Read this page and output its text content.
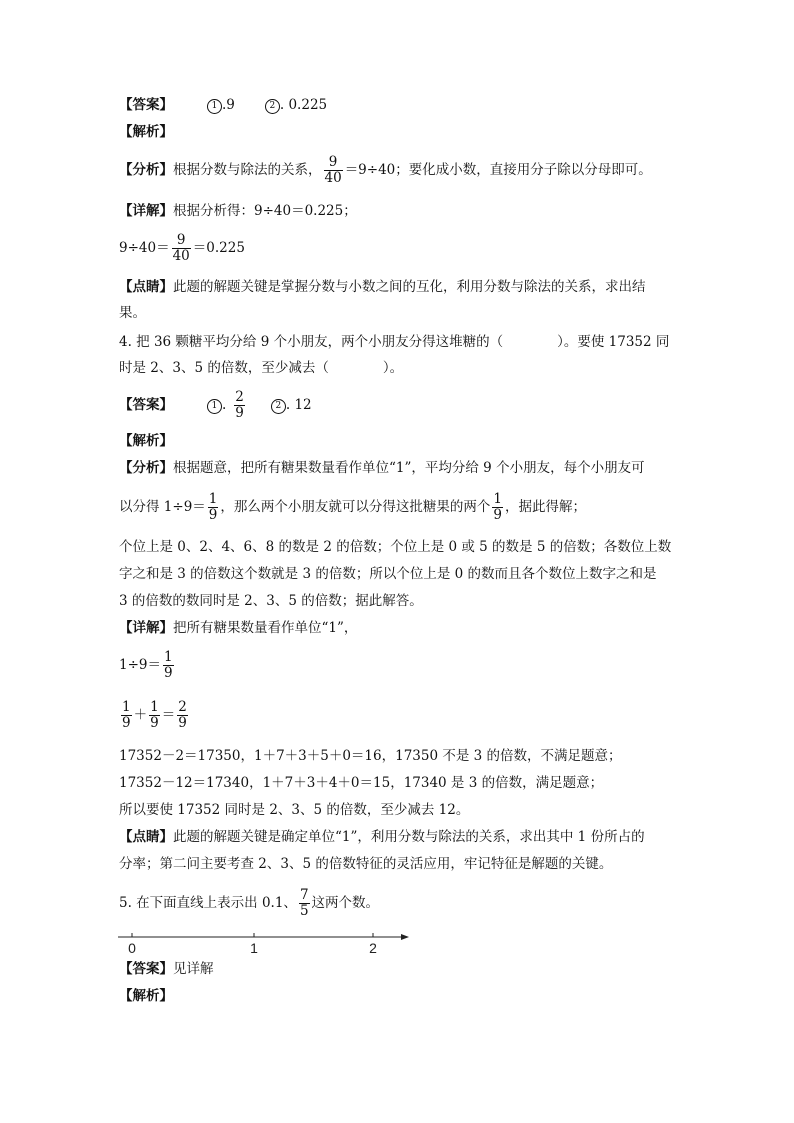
【答案】	1 .9	2 . 0.225
【解析】
【分析】根据分数与除法的关系， $\frac{9}{40} =9\div 40$；要化成小数，直接用分子除以分母即可。
【详解】根据分析得：9÷40＝0.225；
$9\div 40= \frac{9}{40} =0.225$
【点睛】此题的解题关键是掌握分数与小数之间的互化，利用分数与除法的关系，求出结
果。
4. 把 36 颗糖平均分给 9 个小朋友，两个小朋友分得这堆糖的（　　　　）。要使 17352 同
时是 2、3、5 的倍数，至少减去（　　　　）。
【答案】	1 . $\frac{2}{9}$	2 . 12
【解析】
【分析】根据题意，把所有糖果数量看作单位“1”，平均分给 9 个小朋友，每个小朋友可
以分得 $1\div 9= \frac{1}{9}$ ，那么两个小朋友就可以分得这批糖果的两个 $\frac{1}{9}$ ，据此得解；
个位上是 0、2、4、6、8 的数是 2 的倍数；个位上是 0 或 5 的数是 5 的倍数；各数位上数
字之和是 3 的倍数这个数就是 3 的倍数；所以个位上是 0 的数而且各个数位上数字之和是
3 的倍数的数同时是 2、3、5 的倍数；据此解答。
【详解】把所有糖果数量看作单位“1”，
$1\div 9= \frac{1}{9}$
$\frac{1}{9} + \frac{1}{9} = \frac{2}{9}$
17352－2＝17350，1＋7＋3＋5＋0＝16，17350 不是 3 的倍数，不满足题意；
17352－12＝17340，1＋7＋3＋4＋0＝15，17340 是 3 的倍数，满足题意；
所以要使 17352 同时是 2、3、5 的倍数，至少减去 12。
【点睛】此题的解题关键是确定单位“1”，利用分数与除法的关系，求出其中 1 份所占的
分率；第二问主要考查 2、3、5 的倍数特征的灵活应用，牢记特征是解题的关键。
5. 在下面直线上表示出 0.1、 $\frac{7}{5}$ 这两个数。
0	1	2
【答案】见详解
【解析】
